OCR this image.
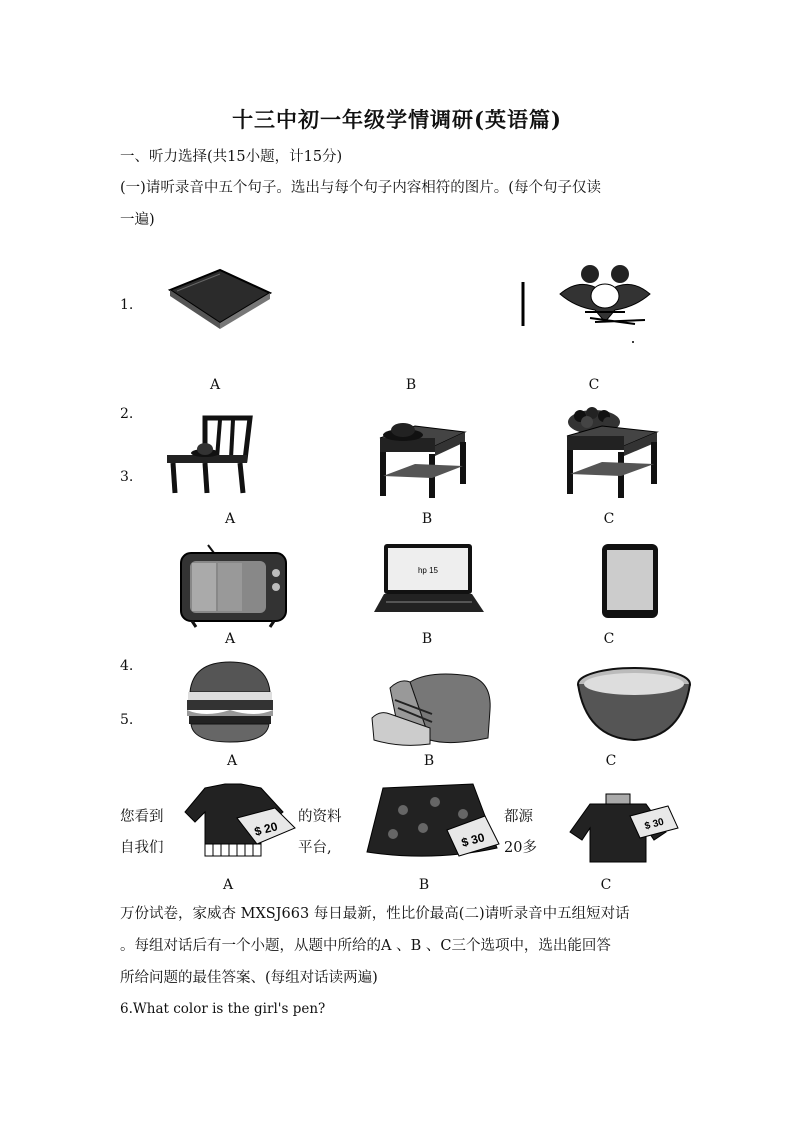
十三中初一年级学情调研(英语篇)
一、听力选择(共15小题，计15分)
(一)请听录音中五个句子。选出与每个句子内容相符的图片。(每个句子仅读
一遍)
1.
2.
3.
4.
5.
A	B	C
A	B	C
hp 15
A	B	C
A	B	C
$ 20
$ 30
$ 30
您看到
自我们
的资料
平台,
都源
20多
A	B	C
万份试卷，家威杏 MXSJ663 每日最新，性比价最高(二)请听录音中五组短对话
。每组对话后有一个小题，从题中所给的A 、B 、C三个选项中，选出能回答
所给问题的最佳答案、(每组对话读两遍)
6.What color is the girl's pen?
